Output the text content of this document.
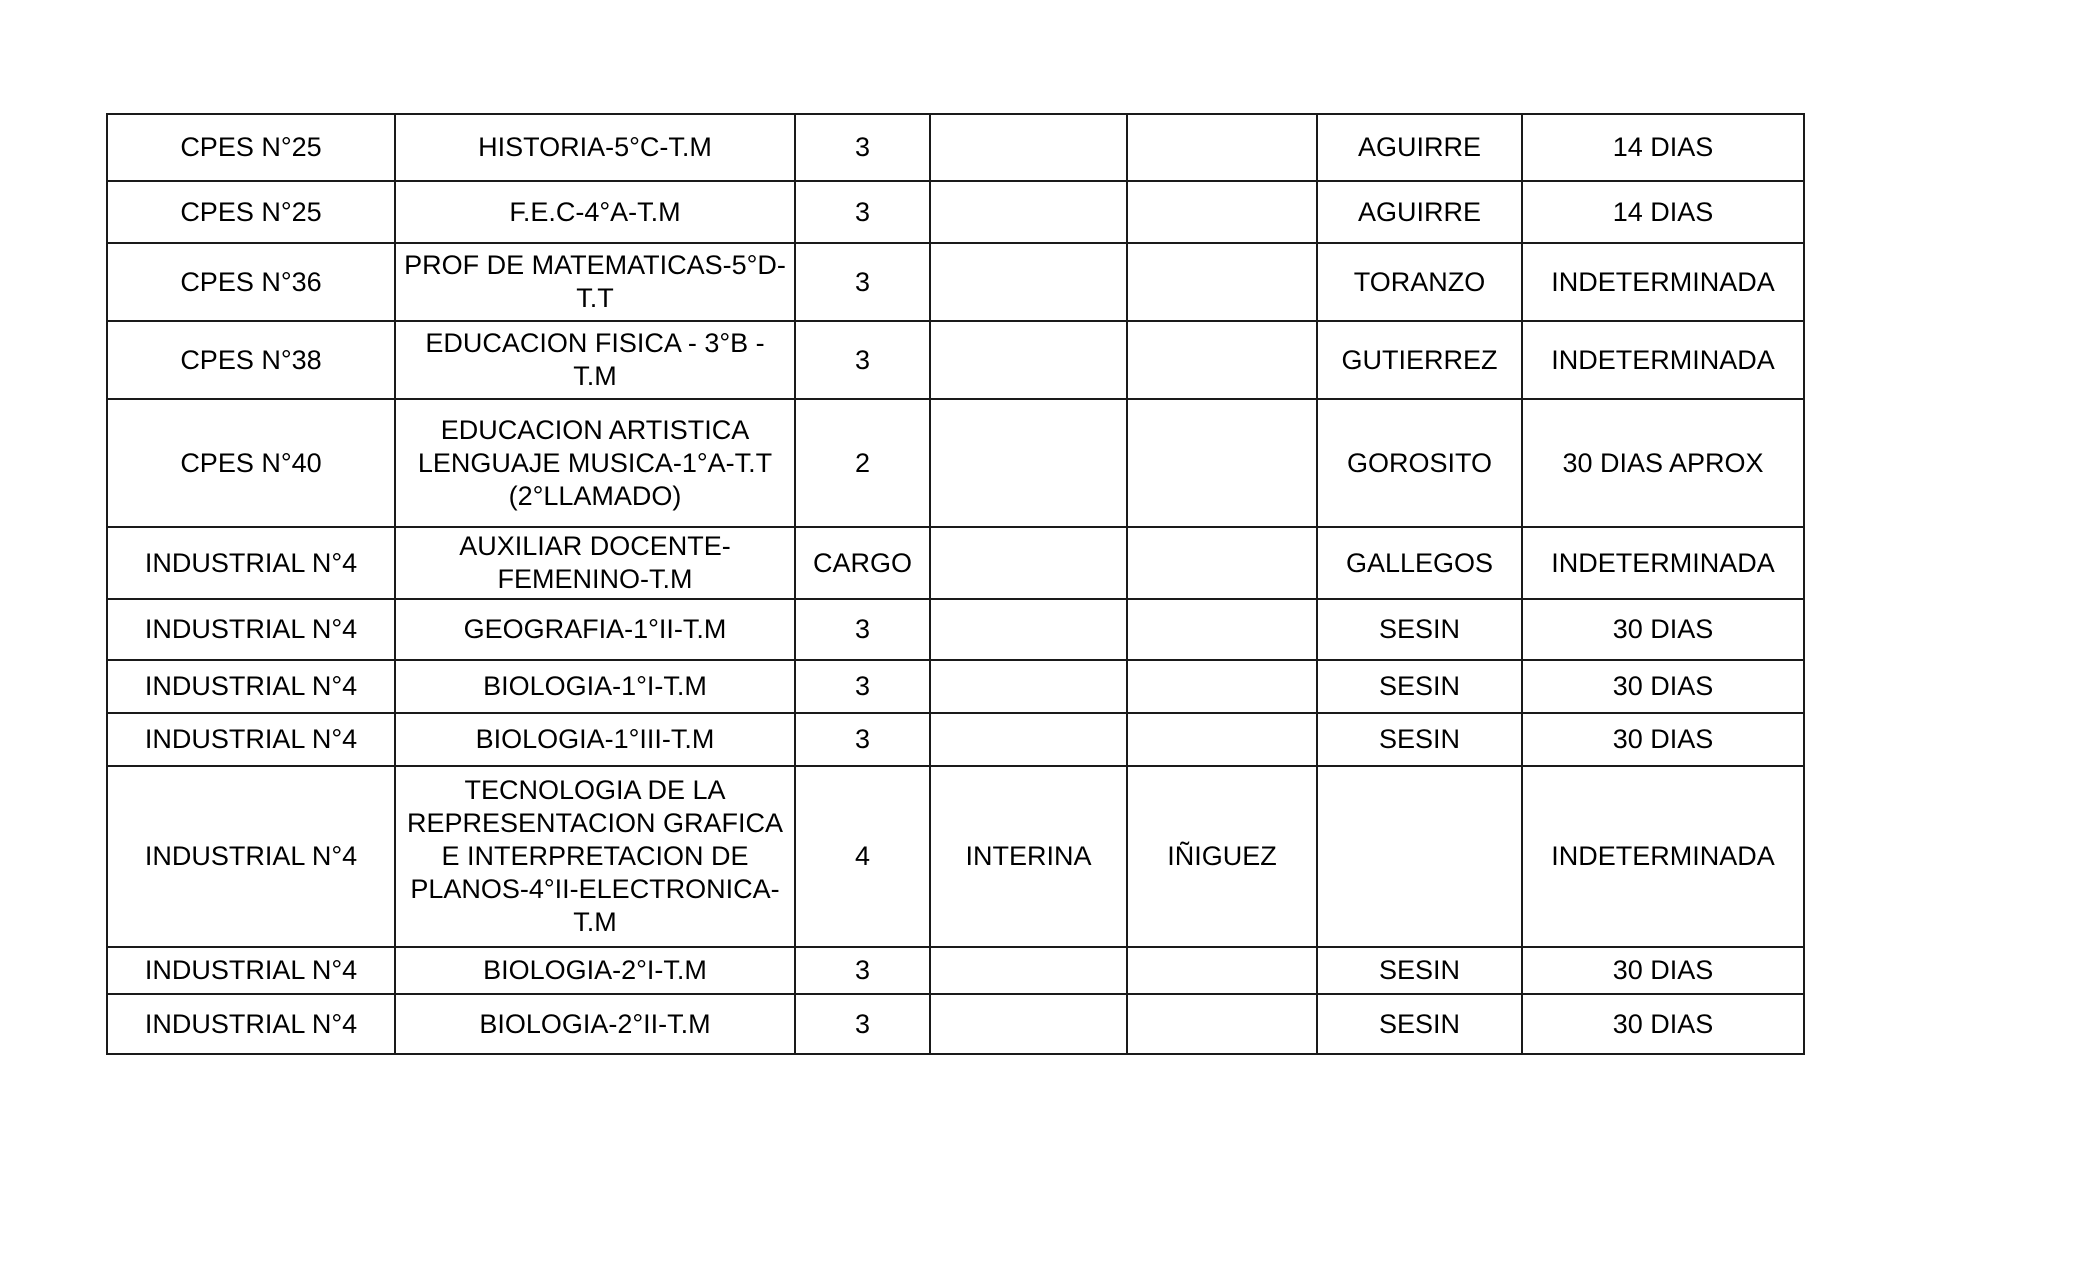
CPES N°25	HISTORIA-5°C-T.M	3			AGUIRRE	14 DIAS
CPES N°25	F.E.C-4°A-T.M	3			AGUIRRE	14 DIAS
CPES N°36	PROF DE MATEMATICAS-5°D-T.T	3			TORANZO	INDETERMINADA
CPES N°38	EDUCACION FISICA - 3°B - T.M	3			GUTIERREZ	INDETERMINADA
CPES N°40	EDUCACION ARTISTICA LENGUAJE MUSICA-1°A-T.T (2°LLAMADO)	2			GOROSITO	30 DIAS APROX
INDUSTRIAL N°4	AUXILIAR DOCENTE-FEMENINO-T.M	CARGO			GALLEGOS	INDETERMINADA
INDUSTRIAL N°4	GEOGRAFIA-1°II-T.M	3			SESIN	30 DIAS
INDUSTRIAL N°4	BIOLOGIA-1°I-T.M	3			SESIN	30 DIAS
INDUSTRIAL N°4	BIOLOGIA-1°III-T.M	3			SESIN	30 DIAS
INDUSTRIAL N°4	TECNOLOGIA DE LA REPRESENTACION GRAFICA E INTERPRETACION DE PLANOS-4°II-ELECTRONICA-T.M	4	INTERINA	IÑIGUEZ		INDETERMINADA
INDUSTRIAL N°4	BIOLOGIA-2°I-T.M	3			SESIN	30 DIAS
INDUSTRIAL N°4	BIOLOGIA-2°II-T.M	3			SESIN	30 DIAS
